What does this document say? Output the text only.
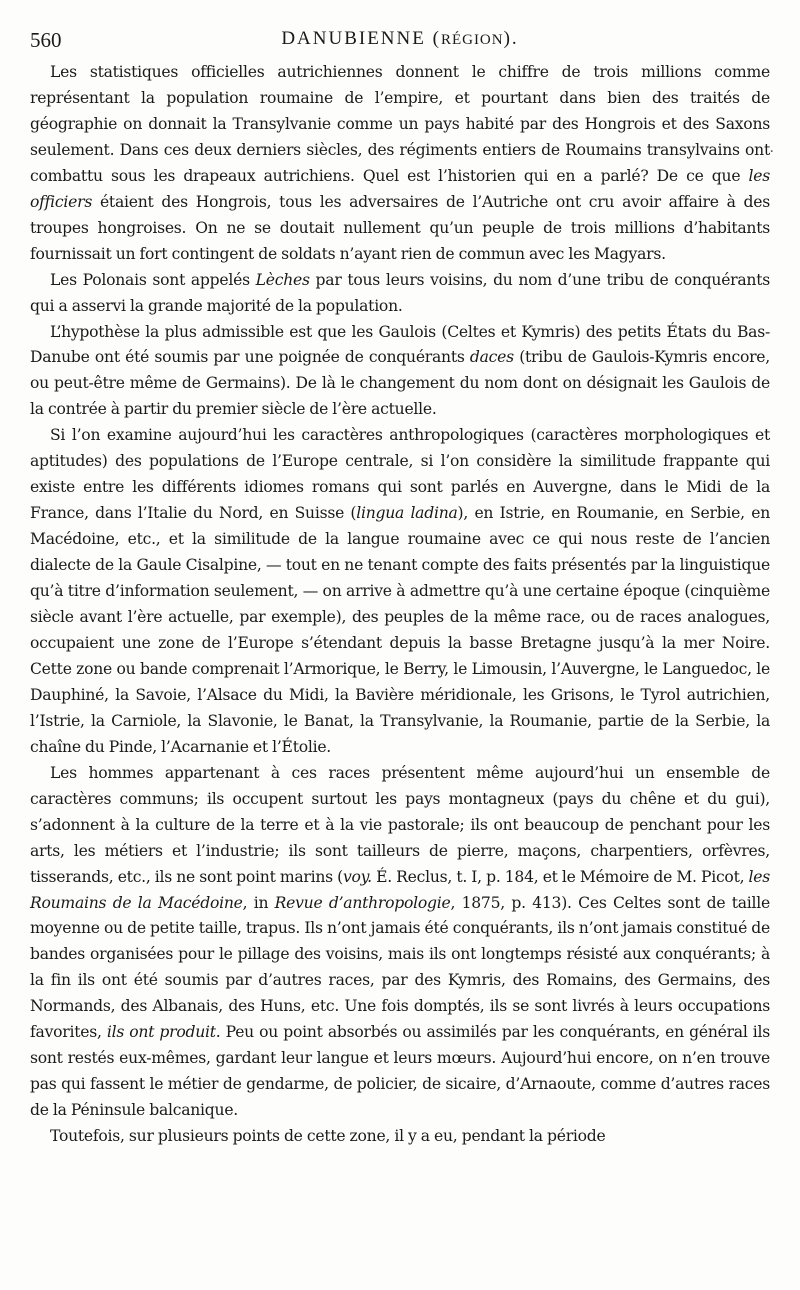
560	DANUBIENNE (RÉGION).
.

Les statistiques officielles autrichiennes donnent le chiffre de trois millions comme représentant la population roumaine de l’empire, et pourtant dans bien des traités de géographie on donnait la Transylvanie comme un pays habité par des Hongrois et des Saxons seulement. Dans ces deux derniers siècles, des régiments entiers de Roumains transylvains ont combattu sous les drapeaux autrichiens. Quel est l’historien qui en a parlé? De ce que les officiers étaient des Hongrois, tous les adversaires de l’Autriche ont cru avoir affaire à des troupes hongroises. On ne se doutait nullement qu’un peuple de trois millions d’habitants fournissait un fort contingent de soldats n’ayant rien de commun avec les Magyars.

Les Polonais sont appelés Lèches par tous leurs voisins, du nom d’une tribu de conquérants qui a asservi la grande majorité de la population.

L’hypothèse la plus admissible est que les Gaulois (Celtes et Kymris) des petits États du Bas-Danube ont été soumis par une poignée de conquérants daces (tribu de Gaulois-Kymris encore, ou peut-être même de Germains). De là le changement du nom dont on désignait les Gaulois de la contrée à partir du premier siècle de l’ère actuelle.

Si l’on examine aujourd’hui les caractères anthropologiques (caractères morphologiques et aptitudes) des populations de l’Europe centrale, si l’on considère la similitude frappante qui existe entre les différents idiomes romans qui sont parlés en Auvergne, dans le Midi de la France, dans l’Italie du Nord, en Suisse (lingua ladina), en Istrie, en Roumanie, en Serbie, en Macédoine, etc., et la similitude de la langue roumaine avec ce qui nous reste de l’ancien dialecte de la Gaule Cisalpine, — tout en ne tenant compte des faits présentés par la linguistique qu’à titre d’information seulement, — on arrive à admettre qu’à une certaine époque (cinquième siècle avant l’ère actuelle, par exemple), des peuples de la même race, ou de races analogues, occupaient une zone de l’Europe s’étendant depuis la basse Bretagne jusqu’à la mer Noire. Cette zone ou bande comprenait l’Armorique, le Berry, le Limousin, l’Auvergne, le Languedoc, le Dauphiné, la Savoie, l’Alsace du Midi, la Bavière méridionale, les Grisons, le Tyrol autrichien, l’Istrie, la Carniole, la Slavonie, le Banat, la Transylvanie, la Roumanie, partie de la Serbie, la chaîne du Pinde, l’Acarnanie et l’Étolie.

Les hommes appartenant à ces races présentent même aujourd’hui un ensemble de caractères communs; ils occupent surtout les pays montagneux (pays du chêne et du gui), s’adonnent à la culture de la terre et à la vie pastorale; ils ont beaucoup de penchant pour les arts, les métiers et l’industrie; ils sont tailleurs de pierre, maçons, charpentiers, orfèvres, tisserands, etc., ils ne sont point marins (voy. É. Reclus, t. I, p. 184, et le Mémoire de M. Picot, les Roumains de la Macédoine, in Revue d’anthropologie, 1875, p. 413). Ces Celtes sont de taille moyenne ou de petite taille, trapus. Ils n’ont jamais été conquérants, ils n’ont jamais constitué de bandes organisées pour le pillage des voisins, mais ils ont longtemps résisté aux conquérants; à la fin ils ont été soumis par d’autres races, par des Kymris, des Romains, des Germains, des Normands, des Albanais, des Huns, etc. Une fois domptés, ils se sont livrés à leurs occupations favorites, ils ont produit. Peu ou point absorbés ou assimilés par les conquérants, en général ils sont restés eux-mêmes, gardant leur langue et leurs mœurs. Aujourd’hui encore, on n’en trouve pas qui fassent le métier de gendarme, de policier, de sicaire, d’Arnaoute, comme d’autres races de la Péninsule balcanique.

Toutefois, sur plusieurs points de cette zone, il y a eu, pendant la période
